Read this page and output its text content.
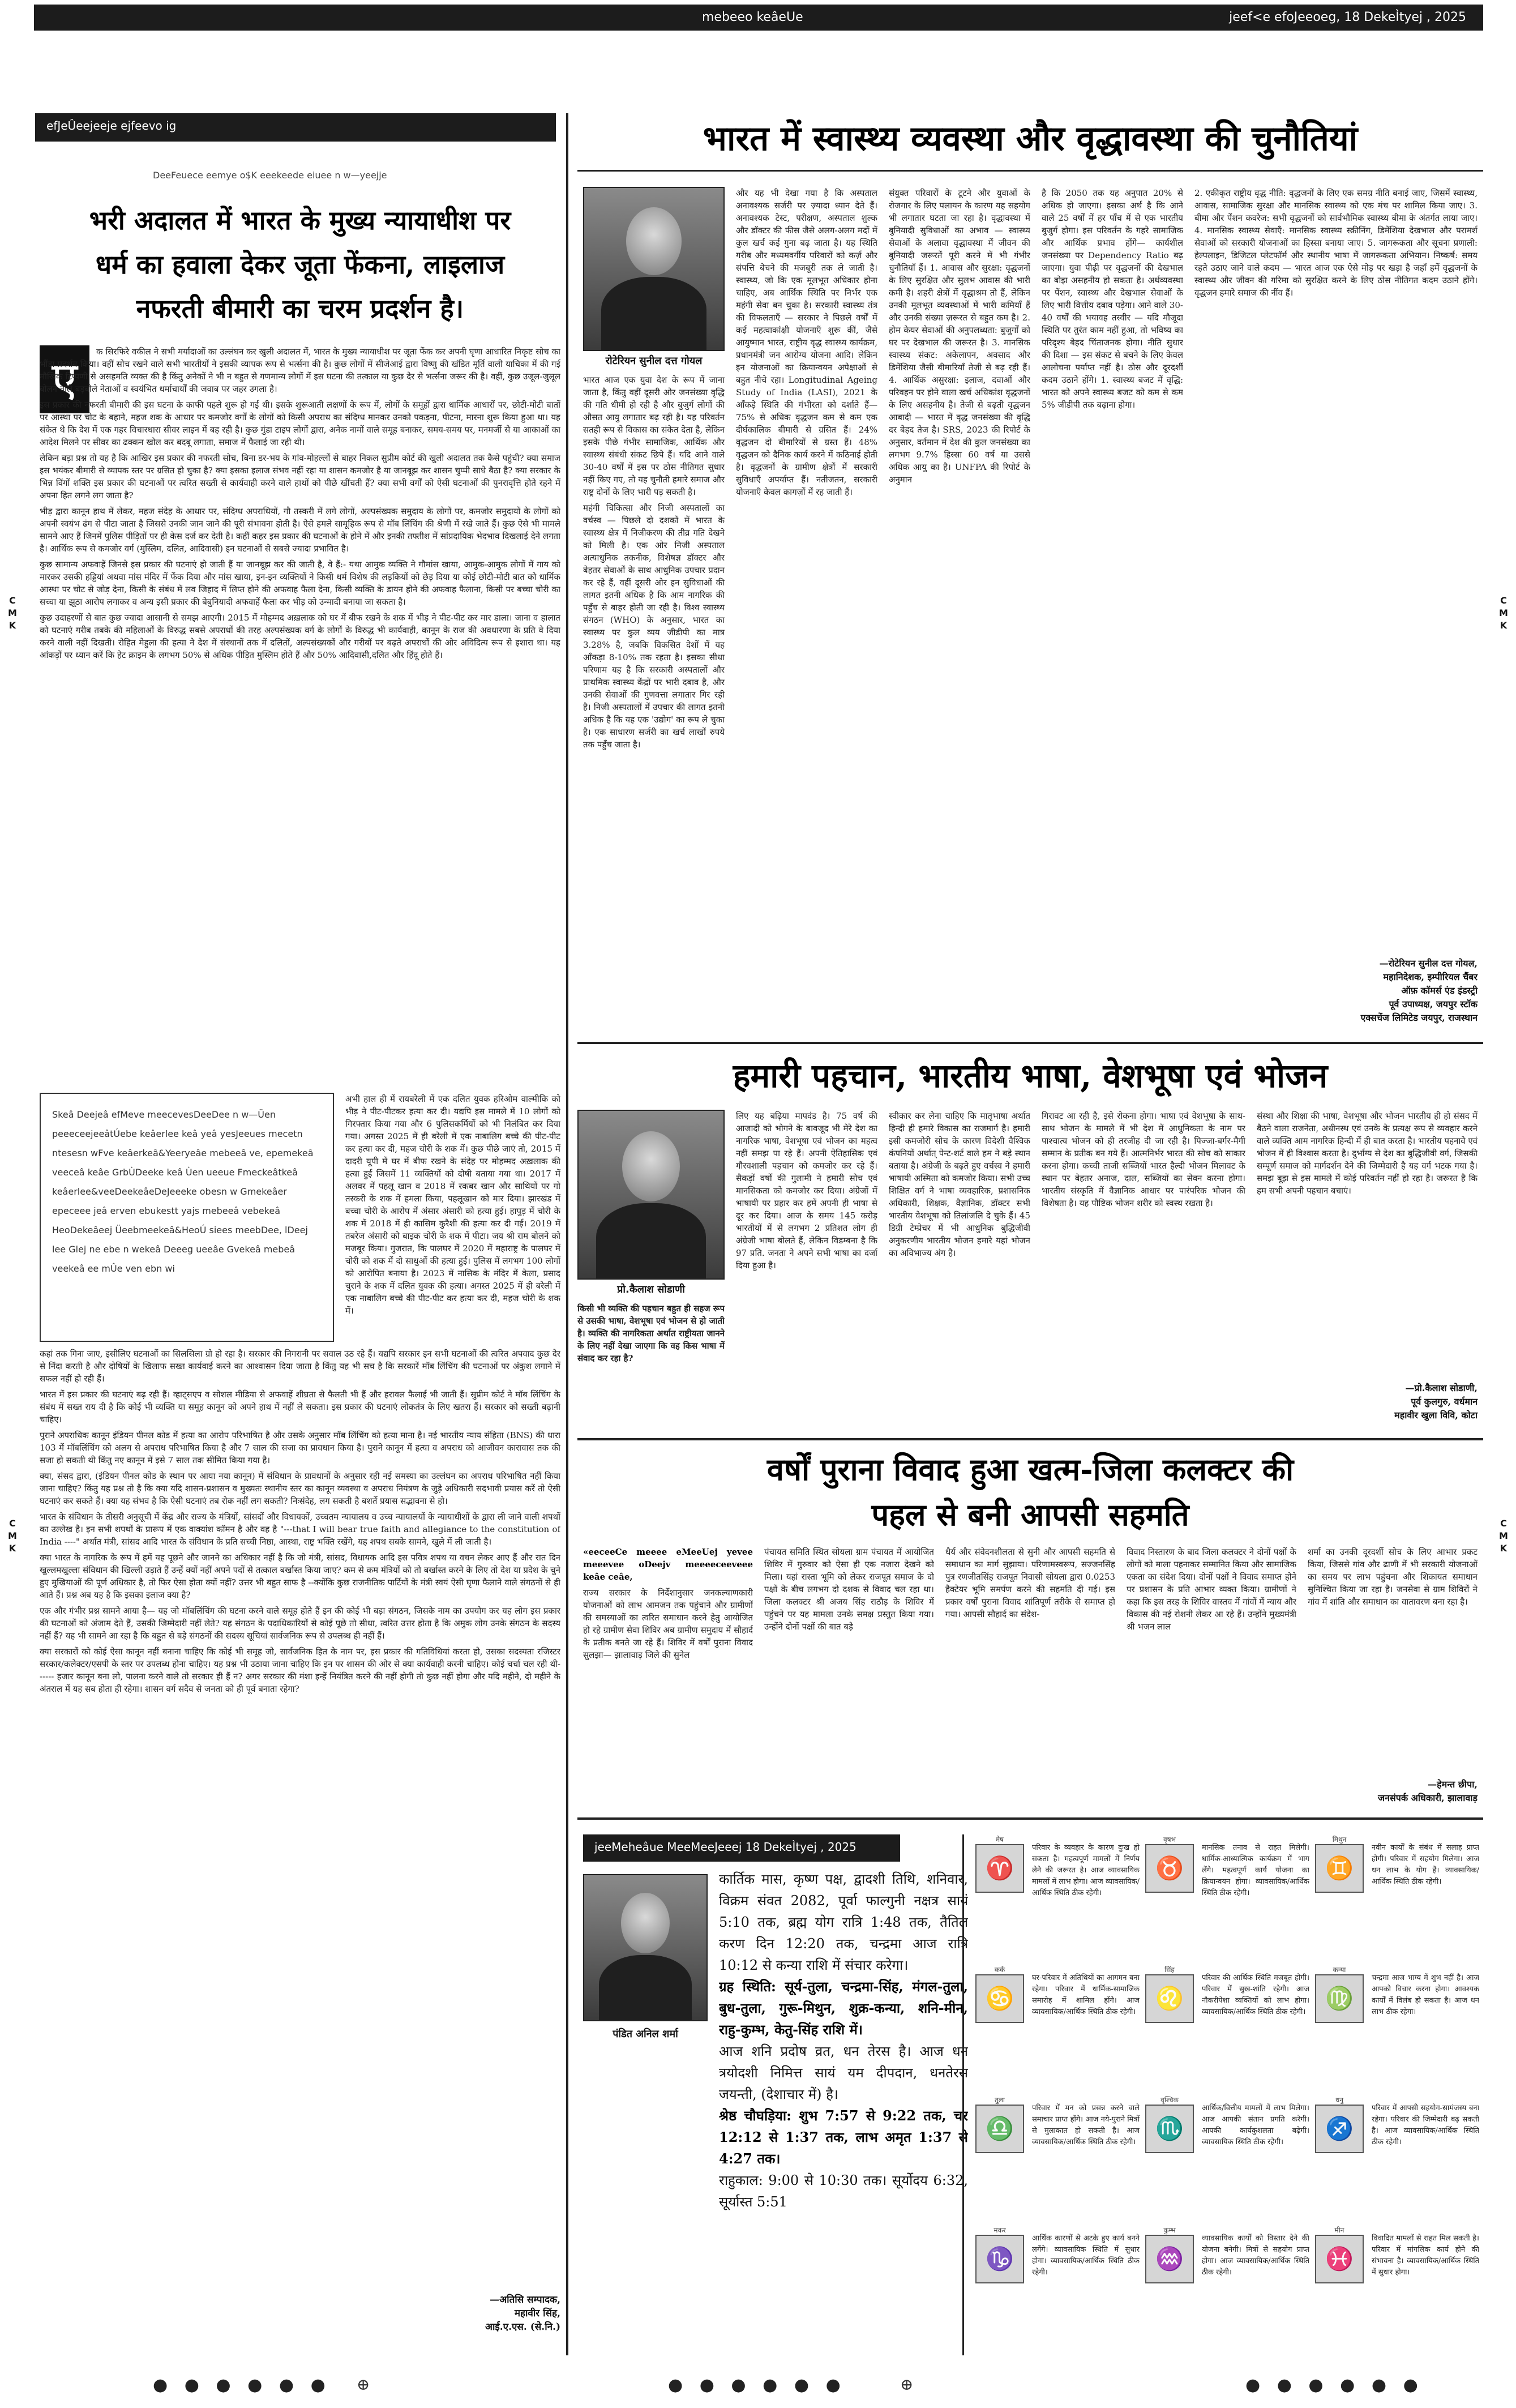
mebeeo keâeUe	jeef<e efoJeeoeg, 18 DekeÌtyej , 2025
C
M
K
C
M
K
C
M
K
C
M
K
efJeÛeejeeje ejfeevo ig
DeeFeuece eemye o$K eeekeede eiuee n w—yeejje
भरी अदालत में भारत के मुख्य न्यायाधीश पर
धर्म का हवाला देकर जूता फेंकना, लाइलाज
नफरती बीमारी का चरम प्रदर्शन है।
ए	क सिरफिरे वकील ने सभी मर्यादाओं का उल्लंघन कर खुली अदालत में, भारत के मुख्य न्यायाधीश पर जूता फेंक कर अपनी घृणा आधारित निकृष्ट सोच का भौंडा प्रदर्शन किया। वहीं सोच रखने वाले सभी भारतीयों ने इसकी व्यापक रूप से भर्त्सना की है। कुछ लोगों में सीजेआई द्वारा विष्णु की खंडित मूर्ति वाली याचिका में की गई मौखिक टिप्पणी से असहमति व्यक्त की है किंतु अनेकों ने भी न बहुत से गणमान्य लोगों में इस घटना की तत्काल या कुछ देर से भर्त्सना जरूर की है। वहीं, कुछ उजूल-जुलूल बोलने वाले बड़बोले नेताओं व स्वयंभित धर्माचार्यों की जवाब पर जहर उगला है।

इस प्रकार की नफरती बीमारी की इस घटना के काफी पहले शुरू हो गई थी। इसके शुरूआती लक्षणों के रूप में, लोगों के समूहों द्वारा धार्मिक आधारों पर, छोटी-मोटी बातों पर आस्था पर चोट के बहाने, महज शक के आधार पर कमजोर वर्गों के लोगों को किसी अपराध का संदिग्ध मानकर उनको पकड़ना, पीटना, मारना शुरू किया हुआ था। यह संकेत थे कि देश में एक गहर विचारधारा सीवर लाइन में बह रही है। कुछ गुंडा टाइप लोगों द्वारा, अनेक नामों वाले समूह बनाकर, समय-समय पर, मनमर्जी से या आकाओं का आदेश मिलने पर सीवर का ढक्कन खोल कर बदबू लगाता, समाज में फैलाई जा रही थी।

लेकिन बड़ा प्रश्न तो यह है कि आखिर इस प्रकार की नफरती सोच, बिना डर-भय के गांव-मोहल्लों से बाहर निकल सुप्रीम कोर्ट की खुली अदालत तक कैसे पहुंची? क्या समाज इस भयंकर बीमारी से व्यापक स्तर पर ग्रसित हो चुका है? क्या इसका इलाज संभव नहीं रहा या शासन कमजोर है या जानबूझ कर शासन चुप्पी साधे बैठा है? क्या सरकार के भिन्न विंगों शक्ति इस प्रकार की घटनाओं पर त्वरित सख्ती से कार्यवाही करने वाले हाथों को पीछे खींचती हैं? क्या सभी वर्गों को ऐसी घटनाओं की पुनरावृत्ति होते रहने में अपना हित लगने लग जाता है?

भीड़ द्वारा कानून हाथ में लेकर, महज संदेह के आधार पर, संदिग्ध अपराधियों, गौ तस्करी में लगे लोगों, अल्पसंख्यक समुदाय के लोगों पर, कमजोर समुदायों के लोगों को अपनी स्वयंभ ढंग से पीटा जाता है जिससे उनकी जान जाने की पूरी संभावना होती है। ऐसे हमले सामूहिक रूप से मॉब लिंचिंग की श्रेणी में रखे जाते हैं। कुछ ऐसे भी मामले सामने आए हैं जिनमें पुलिस पीड़ितों पर ही केस दर्ज कर देती है। कहीं कहर इस प्रकार की घटनाओं के होने में और इनकी तफ्तीश में सांप्रदायिक भेदभाव दिखलाई देने लगता है। आर्थिक रूप से कमजोर वर्ग (मुस्लिम, दलित, आदिवासी) इन घटनाओं से सबसे ज्यादा प्रभावित है।

कुछ सामान्य अफवाहें जिनसे इस प्रकार की घटनाएं हो जाती हैं या जानबूझ कर की जाती है, वे हैं:- यथा आमुक व्यक्ति ने गौमांस खाया, आमुक-आमुक लोगों में गाय को मारकर उसकी हड्डियां अथवा मांस मंदिर में फेंक दिया और मांस खाया, इन-इन व्यक्तियों ने किसी धर्म विशेष की लड़कियों को छेड़ दिया या कोई छोटी-मोटी बात को धार्मिक आस्था पर चोट से जोड़ देना, किसी के संबंध में लव जिहाद में लिप्त होने की अफवाह फैला देना, किसी व्यक्ति के डायन होने की अफवाह फैलाना, किसी पर बच्चा चोरी का सच्चा या झूठा आरोप लगाकर व अन्य इसी प्रकार की बेबुनियादी अफवाहें फैला कर भीड़ को उन्मादी बनाया जा सकता है।

कुछ उदाहरणों से बात कुछ ज्यादा आसानी से समझ आएगी। 2015 में मोहम्मद अख़लाक को घर में बीफ रखने के शक में भीड़ ने पीट-पीट कर मार डाला। जाना व हालात को घटनाएं गरीब तबके की महिलाओं के विरुद्ध सबसे अपराधों की तरह अल्पसंख्यक वर्ग के लोगों के विरुद्ध भी कार्यवाही, कानून के राज की अवधारणा के प्रति वे दिया करने वाली नहीं दिखती। रोहित मेहुला की हत्या ने देश में संस्थानों तक में दलितों, अल्पसंख्यकों और गरीबों पर बढ़ते अपराधों की ओर अविदित्य रूप से इशारा था। यह आंकड़ों पर ध्यान करें कि हेट क्राइम के लगभग 50% से अधिक पीड़ित मुस्लिम होते हैं और 50% आदिवासी,दलित और हिंदू होते हैं।

Skeâ Deejeâ efMeve meecevesDeeDee n w—Üen peeeceejeeâtÚebe keâerlee keâ yeâ yesJeeues mecetn ntesesn wFve keâerkeâ&Yeeryeâe mebeeâ ve, epemekeâ veeceâ keâe GrbÙDeeke keâ Ùen ueeue Fmeckeâtkeâ keâerlee&veeDeekeâeDeJeeeke obesn w Gmekeâer epeceee jeâ erven ebukestt yajs mebeeâ vebekeâ HeoDekeâeej Üeebmeekeâ&HeoÚ siees meebDee, lDeej lee Glej ne ebe n wekeâ Deeeg ueeâe Gvekeâ mebeâ veekeâ ee mÛe ven ebn wi

अभी हाल ही में रायबरेली में एक दलित युवक हरिओम वाल्मीकि को भीड़ ने पीट-पीटकर हत्या कर दी। यद्यपि इस मामले में 10 लोगों को गिरफ्तार किया गया और 6 पुलिसकर्मियों को भी निलंबित कर दिया गया। अगस्त 2025 में ही बरेली में एक नाबालिग बच्चे की पीट-पीट कर हत्या कर दी, महज चोरी के शक में। कुछ पीछे जाएं तो, 2015 में दादरी यूपी में घर में बीफ रखने के संदेह पर मोहम्मद अख़लाक की हत्या हुई जिसमें 11 व्यक्तियों को दोषी बताया गया था। 2017 में अलवर में पहलू खान व 2018 में रकबर खान और साथियों पर गो तस्करी के शक में हमला किया, पहलूखान को मार दिया। झारखंड में बच्चा चोरी के आरोप में अंसार अंसारी को हत्या हुई। हापुड़ में चोरी के शक में 2018 में ही कासिम कुरैशी की हत्या कर दी गई। 2019 में तबरेज अंसारी को बाइक चोरी के शक में पीटा। जय श्री राम बोलने को मजबूर किया। गुजरात, कि पालघर में 2020 में महाराष्ट्र के पालघर में चोरी को शक में दो साधुओं की हत्या हुई। पुलिस में लगभग 100 लोगों को आरोपित बनाया है। 2023 में नासिक के मंदिर में केला, प्रसाद चुराने के शक में दलित युवक की हत्या। अगस्त 2025 में ही बरेली में एक नाबालिग बच्चे की पीट-पीट कर हत्या कर दी, महज चोरी के शक में।

कहां तक गिना जाए, इसीलिए घटनाओं का सिलसिला ग्रो हो रहा है। सरकार की निगरानी पर सवाल उठ रहे हैं। यद्यपि सरकार इन सभी घटनाओं की त्वरित अपवाद कुछ देर से निंदा करती है और दोषियों के खिलाफ सख्त कार्यवाई करने का आश्वासन दिया जाता है किंतु यह भी सच है कि सरकारें मॉब लिंचिंग की घटनाओं पर अंकुश लगाने में सफल नहीं हो रही हैं।

भारत में इस प्रकार की घटनाएं बढ़ रही हैं। व्हाट्सएप व सोशल मीडिया से अफवाहें शीघ्रता से फैलती भी हैं और हरावल फैलाई भी जाती हैं। सुप्रीम कोर्ट ने मॉब लिंचिंग के संबंध में सख्त राय दी है कि कोई भी व्यक्ति या समूह कानून को अपने हाथ में नहीं ले सकता। इस प्रकार की घटनाएं लोकतंत्र के लिए खतरा हैं। सरकार को सख्ती बढ़ानी चाहिए।

पुराने अपराधिक कानून इंडियन पीनल कोड में हत्या का आरोप परिभाषित है और उसके अनुसार मॉब लिंचिंग को हत्या माना है। नई भारतीय न्याय संहिता (BNS) की धारा 103 में मॉबलिंचिंग को अलग से अपराध परिभाषित किया है और 7 साल की सजा का प्रावधान किया है। पुराने कानून में हत्या व अपराध को आजीवन कारावास तक की सजा हो सकती थी किंतु नए कानून में इसे 7 साल तक सीमित किया गया है।

क्या, संसद द्वारा, (इंडियन पीनल कोड के स्थान पर आया नया कानून) में संविधान के प्रावधानों के अनुसार रही नई समस्या का उल्लंघन का अपराध परिभाषित नहीं किया जाना चाहिए? किंतु यह प्रश्न तो है कि क्या यदि शासन-प्रशासन व मुख्यतः स्थानीय स्तर का कानून व्यवस्था व अपराध नियंत्रण के जुड़े अधिकारी सदभावी प्रयास करें तो ऐसी घटनाएं कर सकते हैं। क्या यह संभव है कि ऐसी घटनाएं तब रोक नहीं लग सकती? निःसंदेह, लग सकती है बशर्ते प्रयास सद्भावना से हो।

भारत के संविधान के तीसरी अनुसूची में केंद्र और राज्य के मंत्रियों, सांसदों और विधायकों, उच्चतम न्यायालय व उच्च न्यायालयों के न्यायाधीशों के द्वारा ली जाने वाली शपथों का उल्लेख है। इन सभी शपथों के प्रारूप में एक वाक्यांश कॉमन है और वह है "---that I will bear true faith and allegiance to the constitution of India ----" अर्थात मंत्री, सांसद आदि भारत के संविधान के प्रति सच्ची निष्ठा, आस्था, राष्ट्र भक्ति रखेंगे, यह शपथ सबके सामने, खुले में ली जाती है।

क्या भारत के नागरिक के रूप में हमें यह पूछने और जानने का अधिकार नहीं है कि जो मंत्री, सांसद, विधायक आदि इस पवित्र शपथ या वचन लेकर आए हैं और रात दिन खुल्लमखुल्ला संविधान की खिल्ली उड़ाते हैं उन्हें क्यों नहीं अपने पदों से तत्काल बर्खास्त किया जाए? कम से कम मंत्रियों को तो बर्खास्त करने के लिए तो देश या प्रदेश के चुने हुए मुखियाओं की पूर्ण अधिकार है, तो फिर ऐसा होता क्यों नहीं? उत्तर भी बहुत साफ है --क्योंकि कुछ राजनीतिक पार्टियों के मंत्री स्वयं ऐसी घृणा फैलाने वाले संगठनों से ही आते हैं। प्रश्न अब यह है कि इसका इलाज क्या है?

एक और गंभीर प्रश्न सामने आया है— यह जो मॉबलिंचिंग की घटना करने वाले समूह होते हैं इन की कोई भी बड़ा संगठन, जिसके नाम का उपयोग कर यह लोग इस प्रकार की घटनाओं को अंजाम देते हैं, उसकी जिम्मेदारी नहीं लेते? यह संगठन के पदाधिकारियों से कोई पूछे तो सीधा, त्वरित उत्तर होता है कि अमुक लोग उनके संगठन के सदस्य नहीं हैं? यह भी सामने आ रहा है कि बहुत से बड़े संगठनों की सदस्य सूचियां सार्वजनिक रूप से उपलब्ध ही नहीं हैं।

क्या सरकारों को कोई ऐसा कानून नहीं बनाना चाहिए कि कोई भी समूह जो, सार्वजनिक हित के नाम पर, इस प्रकार की गतिविधियां करता हो, उसका सदस्यता रजिस्टर सरकार/कलेक्टर/एसपी के स्तर पर उपलब्ध होना चाहिए। यह प्रश्न भी उठाया जाना चाहिए कि इन पर शासन की ओर से क्या कार्यवाही करनी चाहिए। कोई चर्चा चल रही थी------ हजार कानून बना लो, पालना करने वाले तो सरकार ही हैं न? अगर सरकार की मंशा इन्हें नियंत्रित करने की नहीं होगी तो कुछ नहीं होगा और यदि महीने, दो महीने के अंतराल में यह सब होता ही रहेगा। शासन वर्ग सदैव से जनता को ही पूर्व बनाता रहेगा?

—अतिसि सम्पादक,
महावीर सिंह,
आई.ए.एस. (से.नि.)
भारत में स्वास्थ्य व्यवस्था और वृद्धावस्था की चुनौतियां
रोटेरियन सुनील दत्त गोयल

भारत आज एक युवा देश के रूप में जाना जाता है, किंतु वहीं दूसरी ओर जनसंख्या वृद्धि की गति धीमी हो रही है और बुजुर्ग लोगों की औसत आयु लगातार बढ़ रही है। यह परिवर्तन सतही रूप से विकास का संकेत देता है, लेकिन इसके पीछे गंभीर सामाजिक, आर्थिक और स्वास्थ्य संबंधी संकट छिपे हैं। यदि आने वाले 30-40 वर्षों में इस पर ठोस नीतिगत सुधार नहीं किए गए, तो यह चुनौती हमारे समाज और राष्ट्र दोनों के लिए भारी पड़ सकती है।

महंगी चिकित्सा और निजी अस्पतालों का वर्चस्व — पिछले दो दशकों में भारत के स्वास्थ्य क्षेत्र में निजीकरण की तीव्र गति देखने को मिली है। एक ओर निजी अस्पताल अत्याधुनिक तकनीक, विशेषज्ञ डॉक्टर और बेहतर सेवाओं के साथ आधुनिक उपचार प्रदान कर रहे हैं, वहीं दूसरी ओर इन सुविधाओं की लागत इतनी अधिक है कि आम नागरिक की पहुँच से बाहर होती जा रही है। विश्व स्वास्थ्य संगठन (WHO) के अनुसार, भारत का स्वास्थ्य पर कुल व्यय जीडीपी का मात्र 3.28% है, जबकि विकसित देशों में यह आँकड़ा 8-10% तक रहता है। इसका सीधा परिणाम यह है कि सरकारी अस्पतालों और प्राथमिक स्वास्थ्य केंद्रों पर भारी दबाव है, और उनकी सेवाओं की गुणवत्ता लगातार गिर रही है। निजी अस्पतालों में उपचार की लागत इतनी अधिक है कि यह एक 'उद्योग' का रूप ले चुका है। एक साधारण सर्जरी का खर्च लाखों रुपये तक पहुँच जाता है।

और यह भी देखा गया है कि अस्पताल अनावश्यक सर्जरी पर ज़्यादा ध्यान देते हैं। अनावश्यक टेस्ट, परीक्षण, अस्पताल शुल्क और डॉक्टर की फीस जैसे अलग-अलग मदों में कुल खर्च कई गुना बढ़ जाता है। यह स्थिति गरीब और मध्यमवर्गीय परिवारों को कर्ज़ और संपत्ति बेचने की मजबूरी तक ले जाती है। स्वास्थ्य, जो कि एक मूलभूत अधिकार होना चाहिए, अब आर्थिक स्थिति पर निर्भर एक महंगी सेवा बन चुका है। सरकारी स्वास्थ्य तंत्र की विफलताएँ — सरकार ने पिछले वर्षों में कई महत्वाकांक्षी योजनाएँ शुरू कीं, जैसे आयुष्मान भारत, राष्ट्रीय वृद्ध स्वास्थ्य कार्यक्रम, प्रधानमंत्री जन आरोग्य योजना आदि। लेकिन इन योजनाओं का क्रियान्वयन अपेक्षाओं से बहुत नीचे रहा। Longitudinal Ageing Study of India (LASI), 2021 के आँकड़े स्थिति की गंभीरता को दर्शाते हैं— 75% से अधिक वृद्धजन कम से कम एक दीर्घकालिक बीमारी से ग्रसित हैं। 24% वृद्धजन दो बीमारियों से ग्रस्त हैं। 48% वृद्धजन को दैनिक कार्य करने में कठिनाई होती है। वृद्धजनों के ग्रामीण क्षेत्रों में सरकारी सुविधाएँ अपर्याप्त हैं। नतीजतन, सरकारी योजनाएँ केवल कागज़ों में रह जाती हैं।
संयुक्त परिवारों के टूटने और युवाओं के रोजगार के लिए पलायन के कारण यह सहयोग भी लगातार घटता जा रहा है। वृद्धावस्था में बुनियादी सुविधाओं का अभाव — स्वास्थ्य सेवाओं के अलावा वृद्धावस्था में जीवन की बुनियादी जरूरतें पूरी करने में भी गंभीर चुनौतियाँ हैं। 1. आवास और सुरक्षा: वृद्धजनों के लिए सुरक्षित और सुलभ आवास की भारी कमी है। शहरी क्षेत्रों में वृद्धाश्रम तो हैं, लेकिन उनकी मूलभूत व्यवस्थाओं में भारी कमियाँ हैं और उनकी संख्या ज़रूरत से बहुत कम है। 2. होम केयर सेवाओं की अनुपलब्धता: बुजुर्गों को घर पर देखभाल की जरूरत है। 3. मानसिक स्वास्थ्य संकट: अकेलापन, अवसाद और डिमेंशिया जैसी बीमारियाँ तेजी से बढ़ रही हैं। 4. आर्थिक असुरक्षा: इलाज, दवाओं और परिवहन पर होने वाला खर्च अधिकांश वृद्धजनों के लिए असहनीय है। तेजी से बढ़ती वृद्धजन आबादी — भारत में वृद्ध जनसंख्या की वृद्धि दर बेहद तेज है। SRS, 2023 की रिपोर्ट के अनुसार, वर्तमान में देश की कुल जनसंख्या का लगभग 9.7% हिस्सा 60 वर्ष या उससे अधिक आयु का है। UNFPA की रिपोर्ट के अनुमान
है कि 2050 तक यह अनुपात 20% से अधिक हो जाएगा। इसका अर्थ है कि आने वाले 25 वर्षों में हर पाँच में से एक भारतीय बुजुर्ग होगा। इस परिवर्तन के गहरे सामाजिक और आर्थिक प्रभाव होंगे— कार्यशील जनसंख्या पर Dependency Ratio बढ़ जाएगा। युवा पीढ़ी पर वृद्धजनों की देखभाल का बोझ असहनीय हो सकता है। अर्थव्यवस्था पर पेंशन, स्वास्थ्य और देखभाल सेवाओं के लिए भारी वित्तीय दबाव पड़ेगा। आने वाले 30-40 वर्षों की भयावह तस्वीर — यदि मौजूदा स्थिति पर तुरंत काम नहीं हुआ, तो भविष्य का परिदृश्य बेहद चिंताजनक होगा। नीति सुधार की दिशा — इस संकट से बचने के लिए केवल आलोचना पर्याप्त नहीं है। ठोस और दूरदर्शी कदम उठाने होंगे। 1. स्वास्थ्य बजट में वृद्धि: भारत को अपने स्वास्थ्य बजट को कम से कम 5% जीडीपी तक बढ़ाना होगा।
2. एकीकृत राष्ट्रीय वृद्ध नीति: वृद्धजनों के लिए एक समग्र नीति बनाई जाए, जिसमें स्वास्थ्य, आवास, सामाजिक सुरक्षा और मानसिक स्वास्थ्य को एक मंच पर शामिल किया जाए। 3. बीमा और पेंशन कवरेज: सभी वृद्धजनों को सार्वभौमिक स्वास्थ्य बीमा के अंतर्गत लाया जाए। 4. मानसिक स्वास्थ्य सेवाएँ: मानसिक स्वास्थ्य स्क्रीनिंग, डिमेंशिया देखभाल और परामर्श सेवाओं को सरकारी योजनाओं का हिस्सा बनाया जाए। 5. जागरूकता और सूचना प्रणाली: हेल्पलाइन, डिजिटल प्लेटफॉर्म और स्थानीय भाषा में जागरूकता अभियान। निष्कर्ष: समय रहते उठाए जाने वाले कदम — भारत आज एक ऐसे मोड़ पर खड़ा है जहाँ हमें वृद्धजनों के स्वास्थ्य और जीवन की गरिमा को सुरक्षित करने के लिए ठोस नीतिगत कदम उठाने होंगे। वृद्धजन हमारे समाज की नींव हैं।
—रोटेरियन सुनील दत्त गोयल,
महानिदेशक, इम्पीरियल चैंबर
ऑफ़ कॉमर्स एंड इंडस्ट्री
पूर्व उपाध्यक्ष, जयपुर स्टॉक
एक्सचेंज लिमिटेड जयपुर, राजस्थान
हमारी पहचान, भारतीय भाषा, वेशभूषा एवं भोजन
प्रो.कैलाश सोडाणी
किसी भी व्यक्ति की पहचान बहुत ही सहज रूप से उसकी भाषा, वेशभूषा एवं भोजन से हो जाती है। व्यक्ति की नागरिकता अर्थात राष्ट्रीयता जानने के लिए नहीं देखा जाएगा कि वह किस भाषा में संवाद कर रहा है?
लिए यह बढ़िया मापदंड है। 75 वर्ष की आजादी को भोगने के बावजूद भी मेरे देश का नागरिक भाषा, वेशभूषा एवं भोजन का महत्व नहीं समझ पा रहे हैं। अपनी ऐतिहासिक एवं गौरवशाली पहचान को कमजोर कर रहे हैं। सैकड़ों वर्षों की गुलामी ने हमारी सोच एवं मानसिकता को कमजोर कर दिया। अंग्रेजों में भाषायी पर प्रहार कर हमें अपनी ही भाषा से दूर कर दिया। आज के समय 145 करोड़ भारतीयों में से लगभग 2 प्रतिशत लोग ही अंग्रेजी भाषा बोलते हैं, लेकिन विडम्बना है कि 97 प्रति. जनता ने अपने सभी भाषा का दर्जा दिया हुआ है।
स्वीकार कर लेना चाहिए कि मातृभाषा अर्थात हिन्दी ही हमारे विकास का राजमार्ग है। हमारी इसी कमजोरी सोच के कारण विदेशी वैश्विक कंपनियों अर्थात् पेन्ट-शर्ट वाले हम ने बड़े स्थान बताया है। अंग्रेजी के बढ़ते हुए वर्चस्व ने हमारी भाषायी अस्मिता को कमजोर किया। सभी उच्च शिक्षित वर्ग ने भाषा व्यवहारिक, प्रशासनिक अधिकारी, शिक्षक, वैज्ञानिक, डॉक्टर सभी भारतीय वेशभूषा को तिलांजलि दे चुके हैं। 45 डिग्री टेम्प्रेचर में भी आधुनिक बुद्धिजीवी अनुकरणीय भारतीय भोजन हमारे यहां भोजन का अविभाज्य अंग है।
गिरावट आ रही है, इसे रोकना होगा। भाषा एवं वेशभूषा के साथ-साथ भोजन के मामले में भी देश में आधुनिकता के नाम पर पाश्चात्य भोजन को ही तरजीह दी जा रही है। पिज्जा-बर्गर-मैगी सम्मान के प्रतीक बन गये हैं। आत्मनिर्भर भारत की सोच को साकार करना होगा। कच्ची ताजी सब्जियों भारत हैल्दी भोजन मिलावट के स्थान पर बेहतर अनाज, दाल, सब्जियों का सेवन करना होगा। भारतीय संस्कृति में वैज्ञानिक आधार पर पारंपरिक भोजन की विशेषता है। यह पौष्टिक भोजन शरीर को स्वस्थ रखता है।
संस्था और शिक्षा की भाषा, वेशभूषा और भोजन भारतीय ही हो संसद में बैठने वाला राजनेता, अधीनस्थ एवं उनके के प्रत्यक्ष रूप से व्यवहार करने वाले व्यक्ति आम नागरिक हिन्दी में ही बात करता है। भारतीय पहनावे एवं भोजन में ही विश्वास करता है। दुर्भाग्य से देश का बुद्धिजीवी वर्ग, जिसकी सम्पूर्ण समाज को मार्गदर्शन देने की जिम्मेदारी है यह वर्ग भटक गया है। समझ बूझ से इस मामले में कोई परिवर्तन नहीं हो रहा है। जरूरत है कि हम सभी अपनी पहचान बचाएं।
—प्रो.कैलाश सोडाणी,
पूर्व कुलगुरु, वर्धमान
महावीर खुला विवि, कोटा
वर्षों पुराना विवाद हुआ खत्म-जिला कलक्टर की
पहल से बनी आपसी सहमति

«eeceeCe meeee eMeeUej yevee meeevee oDeejv meeeeceeveee keâe ceâe,

राज्य सरकार के निर्देशानुसार जनकल्याणकारी योजनाओं को लाभ आमजन तक पहुंचाने और ग्रामीणों की समस्याओं का त्वरित समाधान करने हेतु आयोजित हो रहे ग्रामीण सेवा शिविर अब ग्रामीण समुदाय में सौहार्द के प्रतीक बनते जा रहे हैं। शिविर में वर्षों पुराना विवाद सुलझा— झालावाड़ जिले की सुनेल

पंचायत समिति स्थित सोयला ग्राम पंचायत में आयोजित शिविर में गुरुवार को ऐसा ही एक नजारा देखने को मिला। यहां रास्ता भूमि को लेकर राजपूत समाज के दो पक्षों के बीच लगभग दो दशक से विवाद चल रहा था। जिला कलक्टर श्री अजय सिंह राठौड़ के शिविर में पहुंचने पर यह मामला उनके समक्ष प्रस्तुत किया गया। उन्होंने दोनों पक्षों की बात बड़े
धैर्य और संवेदनशीलता से सुनी और आपसी सहमति से समाधान का मार्ग सुझाया। परिणामस्वरूप, सज्जनसिंह पुत्र रणजीतसिंह राजपूत निवासी सोयला द्वारा 0.0253 हैक्टेयर भूमि समर्पण करने की सहमति दी गई। इस प्रकार वर्षों पुराना विवाद शांतिपूर्ण तरीके से समाप्त हो गया। आपसी सौहार्द का संदेश-
विवाद निस्तारण के बाद जिला कलक्टर ने दोनों पक्षों के लोगों को माला पहनाकर सम्मानित किया और सामाजिक एकता का संदेश दिया। दोनों पक्षों ने विवाद समाप्त होने पर प्रशासन के प्रति आभार व्यक्त किया। ग्रामीणों ने कहा कि इस तरह के शिविर वास्तव में गांवों में न्याय और विकास की नई रोशनी लेकर आ रहे हैं। उन्होंने मुख्यमंत्री श्री भजन लाल
शर्मा का उनकी दूरदर्शी सोच के लिए आभार प्रकट किया, जिससे गांव और ढाणी में भी सरकारी योजनाओं का समय पर लाभ पहुंचना और शिकायत समाधान सुनिश्चित किया जा रहा है। जनसेवा से ग्राम शिविरों ने गांव में शांति और समाधान का वातावरण बना रहा है।
—हेमन्त छीपा,
जनसंपर्क अधिकारी, झालावाड़
jeeMeheâue MeeMeeJeeej 18 DekeÌtyej , 2025
पंडित अनिल शर्मा
कार्तिक मास, कृष्ण पक्ष, द्वादशी तिथि, शनिवार, विक्रम संवत 2082, पूर्वा फाल्गुनी नक्षत्र सायं 5:10 तक, ब्रह्म योग रात्रि 1:48 तक, तैतिल करण दिन 12:20 तक, चन्द्रमा आज रात्रि 10:12 से कन्या राशि में संचार करेगा।
ग्रह स्थिति: सूर्य-तुला, चन्द्रमा-सिंह, मंगल-तुला, बुध-तुला, गुरू-मिथुन, शुक्र-कन्या, शनि-मीन, राहु-कुम्भ, केतु-सिंह राशि में।
आज शनि प्रदोष व्रत, धन तेरस है। आज धन त्रयोदशी निमित्त सायं यम दीपदान, धनतेरस जयन्ती, (देशाचार में) है।
श्रेष्ठ चौघड़िया: शुभ 7:57 से 9:22 तक, चर 12:12 से 1:37 तक, लाभ अमृत 1:37 से 4:27 तक।
राहुकाल: 9:00 से 10:30 तक। सूर्योदय 6:32, सूर्यास्त 5:51
मेष
♈
परिवार के व्यवहार के कारण दुःख हो सकता है। महत्वपूर्ण मामलों में निर्णय लेने की जरूरत है। आज व्यावसायिक मामलों में लाभ होगा। आज व्यावसायिक/आर्थिक स्थिति ठीक रहेगी।
वृषभ
♉
मानसिक तनाव से राहत मिलेगी। धार्मिक-आध्यात्मिक कार्यक्रम में भाग लेंगे। महत्वपूर्ण कार्य योजना का क्रियान्वयन होगा। व्यावसायिक/आर्थिक स्थिति ठीक रहेगी।
मिथुन
♊
नवीन कार्यों के संबंध में सलाह प्राप्त होगी। परिवार में सहयोग मिलेगा। आज धन लाभ के योग हैं। व्यावसायिक/आर्थिक स्थिति ठीक रहेगी।
कर्क
♋
घर-परिवार में अतिथियों का आगमन बना रहेगा। परिवार में धार्मिक-सामाजिक समारोह में शामिल होंगे। आज व्यावसायिक/आर्थिक स्थिति ठीक रहेगी।
सिंह
♌
परिवार की आर्थिक स्थिति मजबूत होगी। परिवार में सुख-शांति रहेगी। आज नौकरीपेशा व्यक्तियों को लाभ होगा। व्यावसायिक/आर्थिक स्थिति ठीक रहेगी।
कन्या
♍
चन्द्रमा आज भाग्य में शुभ नहीं है। आज आपको विचार करना होगा। आवश्यक कार्यों में विलंब हो सकता है। आज धन लाभ ठीक रहेगा।
तुला
♎
परिवार में मन को प्रसन्न करने वाले समाचार प्राप्त होंगे। आज नये-पुराने मित्रों से मुलाकात हो सकती है। आज व्यावसायिक/आर्थिक स्थिति ठीक रहेगी।
वृश्चिक
♏
आर्थिक/वित्तीय मामलों में लाभ मिलेगा। आज आपकी संतान प्रगति करेगी। आपकी कार्यकुशलता बढ़ेगी। व्यावसायिक स्थिति ठीक रहेगी।
धनु
♐
परिवार में आपसी सहयोग-सामंजस्य बना रहेगा। परिवार की जिम्मेदारी बढ़ सकती है। आज व्यावसायिक/आर्थिक स्थिति ठीक रहेगी।
मकर
♑
आर्थिक कारणों से अटके हुए कार्य बनने लगेंगे। व्यावसायिक स्थिति में सुधार होगा। व्यावसायिक/आर्थिक स्थिति ठीक रहेगी।
कुम्भ
♒
व्यावसायिक कार्यों को विस्तार देने की योजना बनेगी। मित्रों से सहयोग प्राप्त होगा। आज व्यावसायिक/आर्थिक स्थिति ठीक रहेगी।
मीन
♓
विवादित मामलों से राहत मिल सकती है। परिवार में मांगलिक कार्य होने की संभावना है। व्यावसायिक/आर्थिक स्थिति में सुधार होगा।
● ● ● ● ● ● ⊕	● ● ● ● ● ●	⊕	● ● ● ● ● ●
